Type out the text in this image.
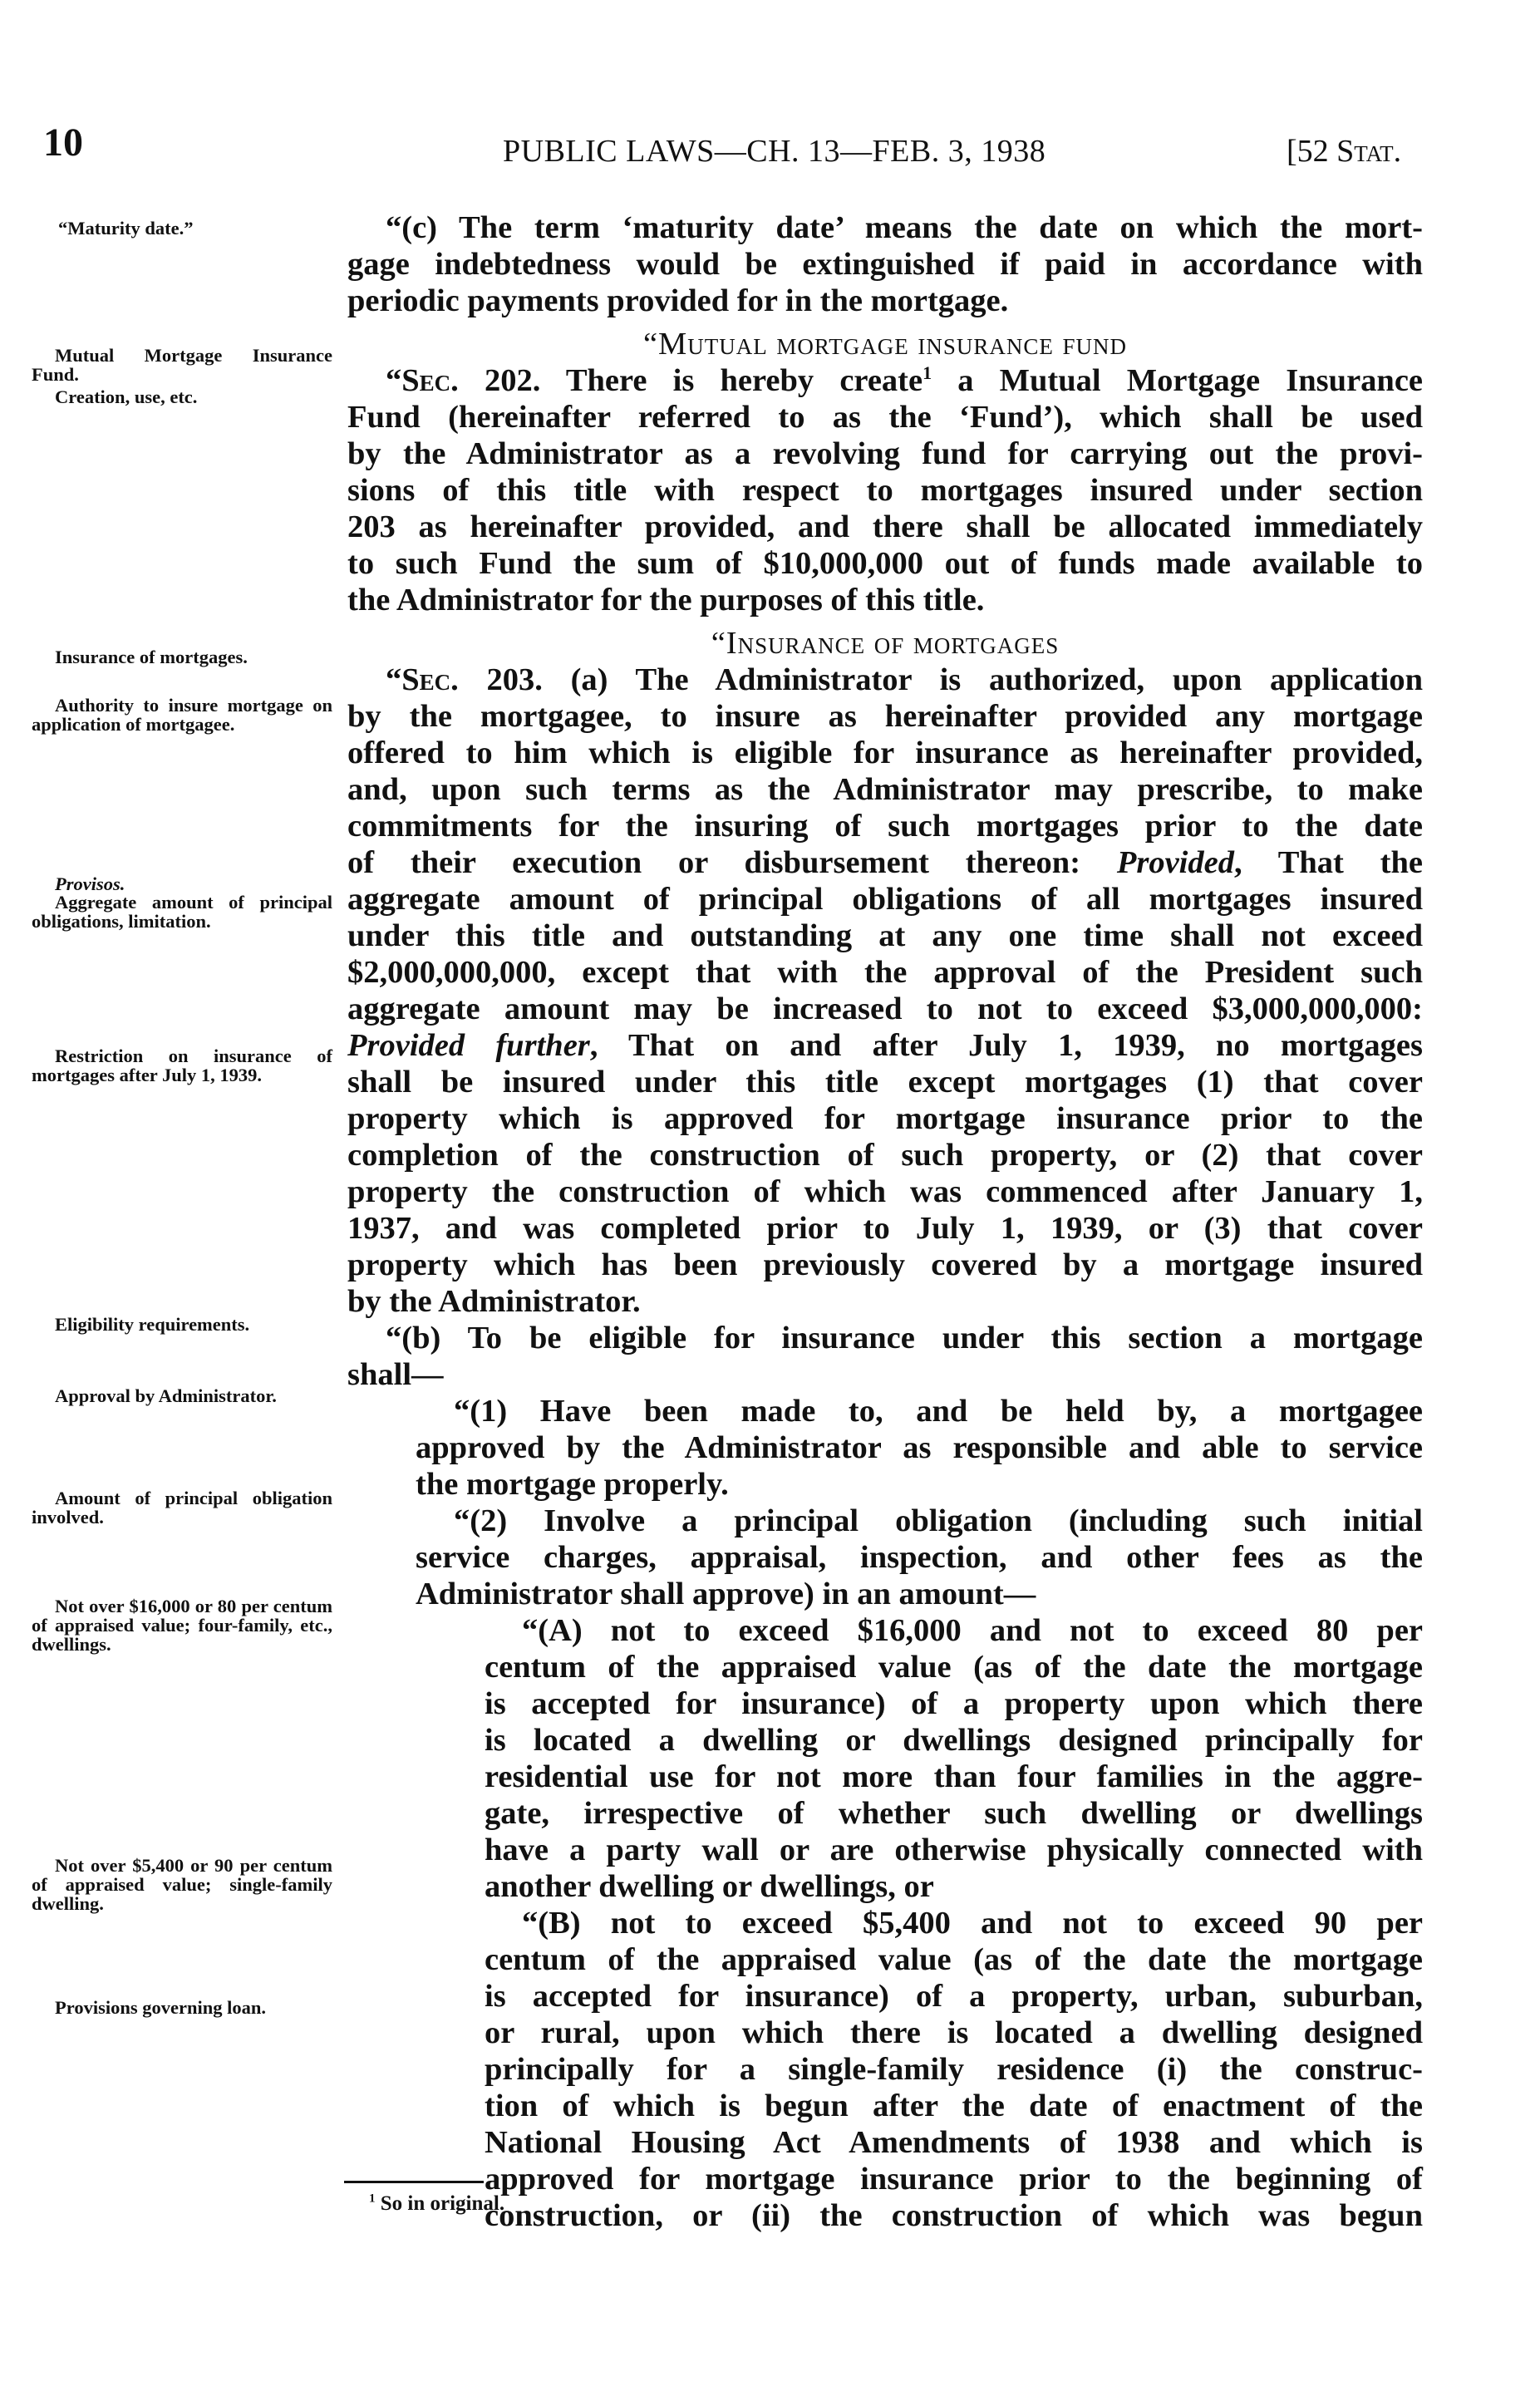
10	PUBLIC LAWS—CH. 13—FEB. 3, 1938	[52 Stat.
“Maturity date.”
Mutual Mortgage Insurance Fund.
Creation, use, etc.
Insurance of mortgages.
Authority to insure mortgage on application of mortgagee.
Provisos.
Aggregate amount of principal obligations, limitation.
Restriction on insurance of mortgages after July 1, 1939.
Eligibility requirements.
Approval by Administrator.
Amount of principal obligation involved.
Not over $16,000 or 80 per centum of appraised value; four-family, etc., dwellings.
Not over $5,400 or 90 per centum of appraised value; single-family dwelling.
Provisions governing loan.
“(c) The term ‘maturity date’ means the date on which the mort-
gage indebtedness would be extinguished if paid in accordance with
periodic payments provided for in the mortgage.
“Mutual mortgage insurance fund
“Sec. 202. There is hereby create$^1$ a Mutual Mortgage Insurance
Fund (hereinafter referred to as the ‘Fund’), which shall be used
by the Administrator as a revolving fund for carrying out the provi-
sions of this title with respect to mortgages insured under section
203 as hereinafter provided, and there shall be allocated immediately
to such Fund the sum of $10,000,000 out of funds made available to
the Administrator for the purposes of this title.
“Insurance of mortgages
“Sec. 203. (a) The Administrator is authorized, upon application
by the mortgagee, to insure as hereinafter provided any mortgage
offered to him which is eligible for insurance as hereinafter provided,
and, upon such terms as the Administrator may prescribe, to make
commitments for the insuring of such mortgages prior to the date
of their execution or disbursement thereon: Provided, That the
aggregate amount of principal obligations of all mortgages insured
under this title and outstanding at any one time shall not exceed
$2,000,000,000, except that with the approval of the President such
aggregate amount may be increased to not to exceed $3,000,000,000:
Provided further, That on and after July 1, 1939, no mortgages
shall be insured under this title except mortgages (1) that cover
property which is approved for mortgage insurance prior to the
completion of the construction of such property, or (2) that cover
property the construction of which was commenced after January 1,
1937, and was completed prior to July 1, 1939, or (3) that cover
property which has been previously covered by a mortgage insured
by the Administrator.
“(b) To be eligible for insurance under this section a mortgage
shall—
“(1) Have been made to, and be held by, a mortgagee
approved by the Administrator as responsible and able to service
the mortgage properly.
“(2) Involve a principal obligation (including such initial
service charges, appraisal, inspection, and other fees as the
Administrator shall approve) in an amount—
“(A) not to exceed $16,000 and not to exceed 80 per
centum of the appraised value (as of the date the mortgage
is accepted for insurance) of a property upon which there
is located a dwelling or dwellings designed principally for
residential use for not more than four families in the aggre-
gate, irrespective of whether such dwelling or dwellings
have a party wall or are otherwise physically connected with
another dwelling or dwellings, or
“(B) not to exceed $5,400 and not to exceed 90 per
centum of the appraised value (as of the date the mortgage
is accepted for insurance) of a property, urban, suburban,
or rural, upon which there is located a dwelling designed
principally for a single-family residence (i) the construc-
tion of which is begun after the date of enactment of the
National Housing Act Amendments of 1938 and which is
approved for mortgage insurance prior to the beginning of
construction, or (ii) the construction of which was begun
$^1$ So in original.
